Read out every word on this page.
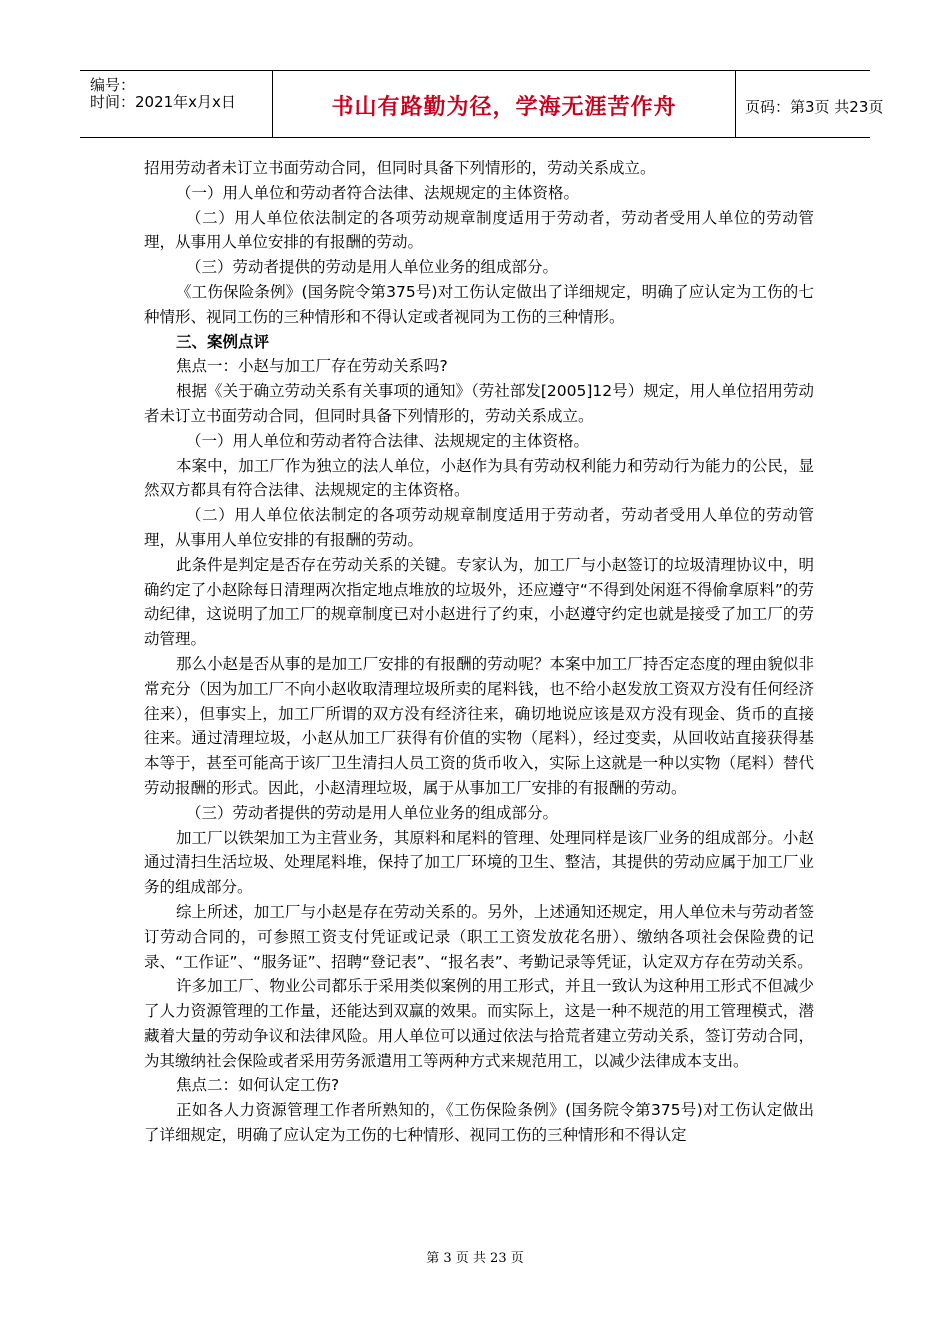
编号：
时间：2021年x月x日	书山有路勤为径，学海无涯苦作舟	页码：第3页 共23页

招用劳动者未订立书面劳动合同，但同时具备下列情形的，劳动关系成立。

（一）用人单位和劳动者符合法律、法规规定的主体资格。

（二）用人单位依法制定的各项劳动规章制度适用于劳动者，劳动者受用人单位的劳动管理，从事用人单位安排的有报酬的劳动。

（三）劳动者提供的劳动是用人单位业务的组成部分。

《工伤保险条例》(国务院令第375号)对工伤认定做出了详细规定，明确了应认定为工伤的七种情形、视同工伤的三种情形和不得认定或者视同为工伤的三种情形。

三、案例点评

焦点一：小赵与加工厂存在劳动关系吗?

根据《关于确立劳动关系有关事项的通知》（劳社部发[2005]12号）规定，用人单位招用劳动者未订立书面劳动合同，但同时具备下列情形的，劳动关系成立。

（一）用人单位和劳动者符合法律、法规规定的主体资格。

本案中，加工厂作为独立的法人单位，小赵作为具有劳动权利能力和劳动行为能力的公民，显然双方都具有符合法律、法规规定的主体资格。

（二）用人单位依法制定的各项劳动规章制度适用于劳动者，劳动者受用人单位的劳动管理，从事用人单位安排的有报酬的劳动。

此条件是判定是否存在劳动关系的关键。专家认为，加工厂与小赵签订的垃圾清理协议中，明确约定了小赵除每日清理两次指定地点堆放的垃圾外，还应遵守“不得到处闲逛不得偷拿原料”的劳动纪律，这说明了加工厂的规章制度已对小赵进行了约束，小赵遵守约定也就是接受了加工厂的劳动管理。

那么小赵是否从事的是加工厂安排的有报酬的劳动呢？本案中加工厂持否定态度的理由貌似非常充分（因为加工厂不向小赵收取清理垃圾所卖的尾料钱，也不给小赵发放工资双方没有任何经济往来），但事实上，加工厂所谓的双方没有经济往来，确切地说应该是双方没有现金、货币的直接往来。通过清理垃圾，小赵从加工厂获得有价值的实物（尾料），经过变卖，从回收站直接获得基本等于，甚至可能高于该厂卫生清扫人员工资的货币收入，实际上这就是一种以实物（尾料）替代劳动报酬的形式。因此，小赵清理垃圾，属于从事加工厂安排的有报酬的劳动。

（三）劳动者提供的劳动是用人单位业务的组成部分。

加工厂以铁架加工为主营业务，其原料和尾料的管理、处理同样是该厂业务的组成部分。小赵通过清扫生活垃圾、处理尾料堆，保持了加工厂环境的卫生、整洁，其提供的劳动应属于加工厂业务的组成部分。

综上所述，加工厂与小赵是存在劳动关系的。另外，上述通知还规定，用人单位未与劳动者签订劳动合同的，可参照工资支付凭证或记录（职工工资发放花名册）、缴纳各项社会保险费的记录、“工作证”、“服务证”、招聘“登记表”、“报名表”、考勤记录等凭证，认定双方存在劳动关系。

许多加工厂、物业公司都乐于采用类似案例的用工形式，并且一致认为这种用工形式不但减少了人力资源管理的工作量，还能达到双赢的效果。而实际上，这是一种不规范的用工管理模式，潜藏着大量的劳动争议和法律风险。用人单位可以通过依法与拾荒者建立劳动关系，签订劳动合同，为其缴纳社会保险或者采用劳务派遣用工等两种方式来规范用工，以减少法律成本支出。

焦点二：如何认定工伤?

正如各人力资源管理工作者所熟知的，《工伤保险条例》(国务院令第375号)对工伤认定做出了详细规定，明确了应认定为工伤的七种情形、视同工伤的三种情形和不得认定

第 3 页 共 23 页
